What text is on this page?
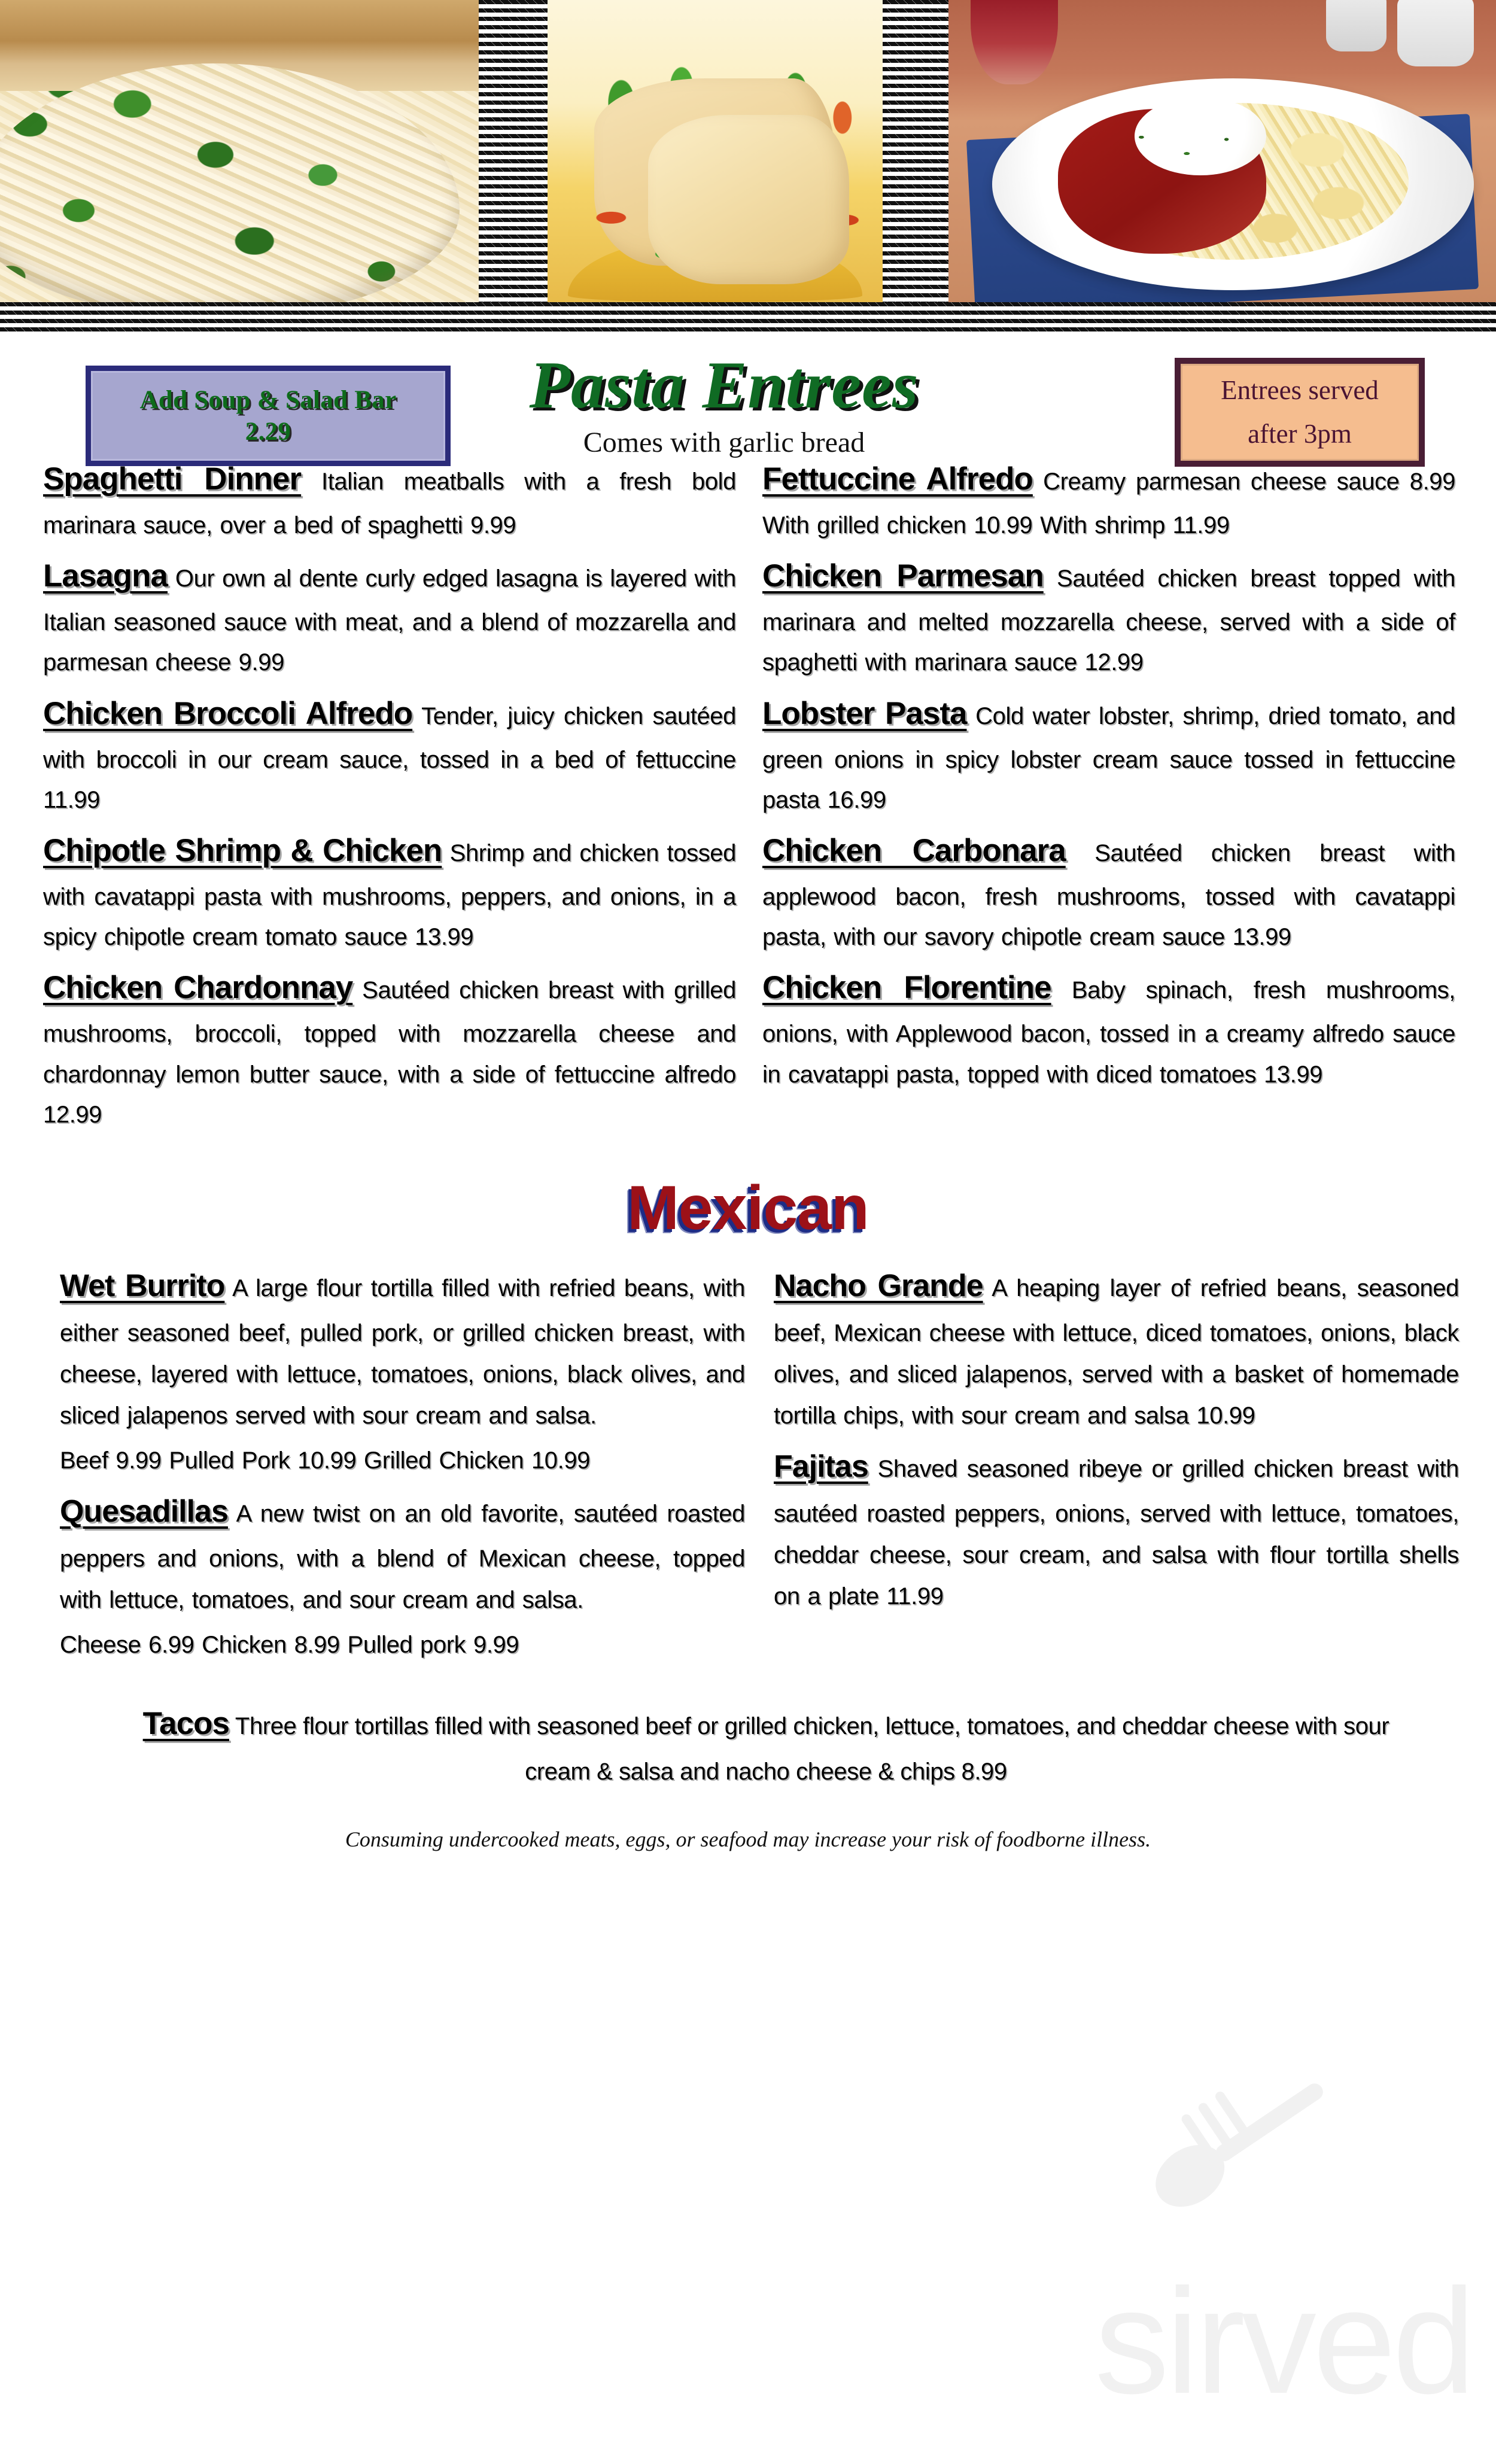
Add Soup & Salad Bar
2.29
Pasta Entrees
Comes with garlic bread
Entrees served
after 3pm

Spaghetti Dinner Italian meatballs with a fresh bold marinara sauce, over a bed of spaghetti 9.99

Lasagna Our own al dente curly edged lasagna is layered with Italian seasoned sauce with meat, and a blend of mozzarella and parmesan cheese 9.99

Chicken Broccoli Alfredo Tender, juicy chicken sautéed with broccoli in our cream sauce, tossed in a bed of fettuccine 11.99

Chipotle Shrimp & Chicken Shrimp and chicken tossed with cavatappi pasta with mushrooms, peppers, and onions, in a spicy chipotle cream tomato sauce 13.99

Chicken Chardonnay Sautéed chicken breast with grilled mushrooms, broccoli, topped with mozzarella cheese and chardonnay lemon butter sauce, with a side of fettuccine alfredo 12.99

Fettuccine Alfredo Creamy parmesan cheese sauce 8.99 With grilled chicken 10.99 With shrimp 11.99

Chicken Parmesan Sautéed chicken breast topped with marinara and melted mozzarella cheese, served with a side of spaghetti with marinara sauce 12.99

Lobster Pasta Cold water lobster, shrimp, dried tomato, and green onions in spicy lobster cream sauce tossed in fettuccine pasta 16.99

Chicken Carbonara Sautéed chicken breast with applewood bacon, fresh mushrooms, tossed with cavatappi pasta, with our savory chipotle cream sauce 13.99

Chicken Florentine Baby spinach, fresh mushrooms, onions, with Applewood bacon, tossed in a creamy alfredo sauce in cavatappi pasta, topped with diced tomatoes 13.99

Mexican

Wet Burrito A large flour tortilla filled with refried beans, with either seasoned beef, pulled pork, or grilled chicken breast, with cheese, layered with lettuce, tomatoes, onions, black olives, and sliced jalapenos served with sour cream and salsa.

Beef 9.99 Pulled Pork 10.99 Grilled Chicken 10.99

Quesadillas A new twist on an old favorite, sautéed roasted peppers and onions, with a blend of Mexican cheese, topped with lettuce, tomatoes, and sour cream and salsa.

Cheese 6.99 Chicken 8.99 Pulled pork 9.99

Nacho Grande A heaping layer of refried beans, seasoned beef, Mexican cheese with lettuce, diced tomatoes, onions, black olives, and sliced jalapenos, served with a basket of homemade tortilla chips, with sour cream and salsa 10.99

Fajitas Shaved seasoned ribeye or grilled chicken breast with sautéed roasted peppers, onions, served with lettuce, tomatoes, cheddar cheese, sour cream, and salsa with flour tortilla shells on a plate 11.99

Tacos Three flour tortillas filled with seasoned beef or grilled chicken, lettuce, tomatoes, and cheddar cheese with sour cream & salsa and nacho cheese & chips 8.99

Consuming undercooked meats, eggs, or seafood may increase your risk of foodborne illness.
sirved
